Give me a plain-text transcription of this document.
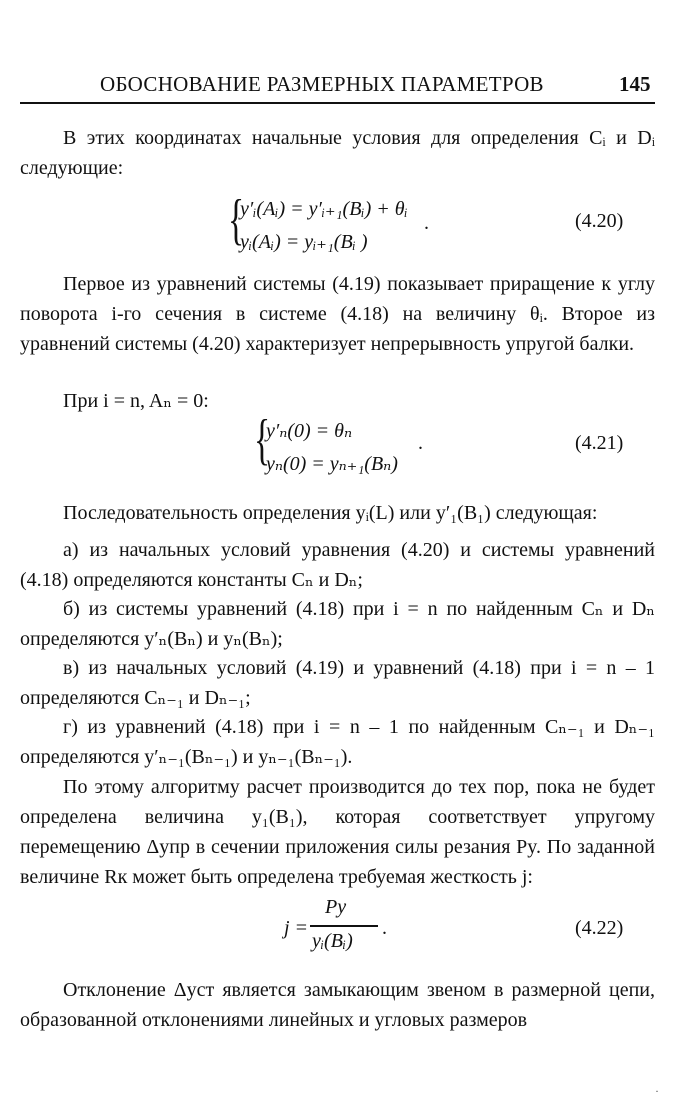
ОБОСНОВАНИЕ РАЗМЕРНЫХ ПАРАМЕТРОВ	145
В этих координатах начальные условия для определения Cᵢ и Dᵢ следующие:
{
y′ᵢ(Aᵢ) = y′ᵢ₊₁(Bᵢ) + θᵢ
yᵢ(Aᵢ) = yᵢ₊₁(Bᵢ )
.	(4.20)
Первое из уравнений системы (4.19) показывает приращение к углу поворота i-го сечения в системе (4.18) на величину θᵢ. Второе из уравнений системы (4.20) характеризует непрерывность упругой балки.
При i = n, Aₙ = 0:
{
y′ₙ(0) = θₙ
yₙ(0) = yₙ₊₁(Bₙ)
.	(4.21)
Последовательность определения yᵢ(L) или y′₁(B₁) следующая:
а) из начальных условий уравнения (4.20) и системы уравнений (4.18) определяются константы Cₙ и Dₙ;
б) из системы уравнений (4.18) при i = n по найденным Cₙ и Dₙ определяются y′ₙ(Bₙ) и yₙ(Bₙ);
в) из начальных условий (4.19) и уравнений (4.18) при i = n – 1 определяются Cₙ₋₁ и Dₙ₋₁;
г) из уравнений (4.18) при i = n – 1 по найденным Cₙ₋₁ и Dₙ₋₁ определяются y′ₙ₋₁(Bₙ₋₁) и yₙ₋₁(Bₙ₋₁).
По этому алгоритму расчет производится до тех пор, пока не будет определена величина y₁(B₁), которая соответствует упругому перемещению Δупр в сечении приложения силы резания Py. По заданной величине Rк может быть определена требуемая жесткость j:
j =
Py
yᵢ(Bᵢ)
.	(4.22)
Отклонение Δуст является замыкающим звеном в размерной цепи, образованной отклонениями линейных и угловых размеров
·
